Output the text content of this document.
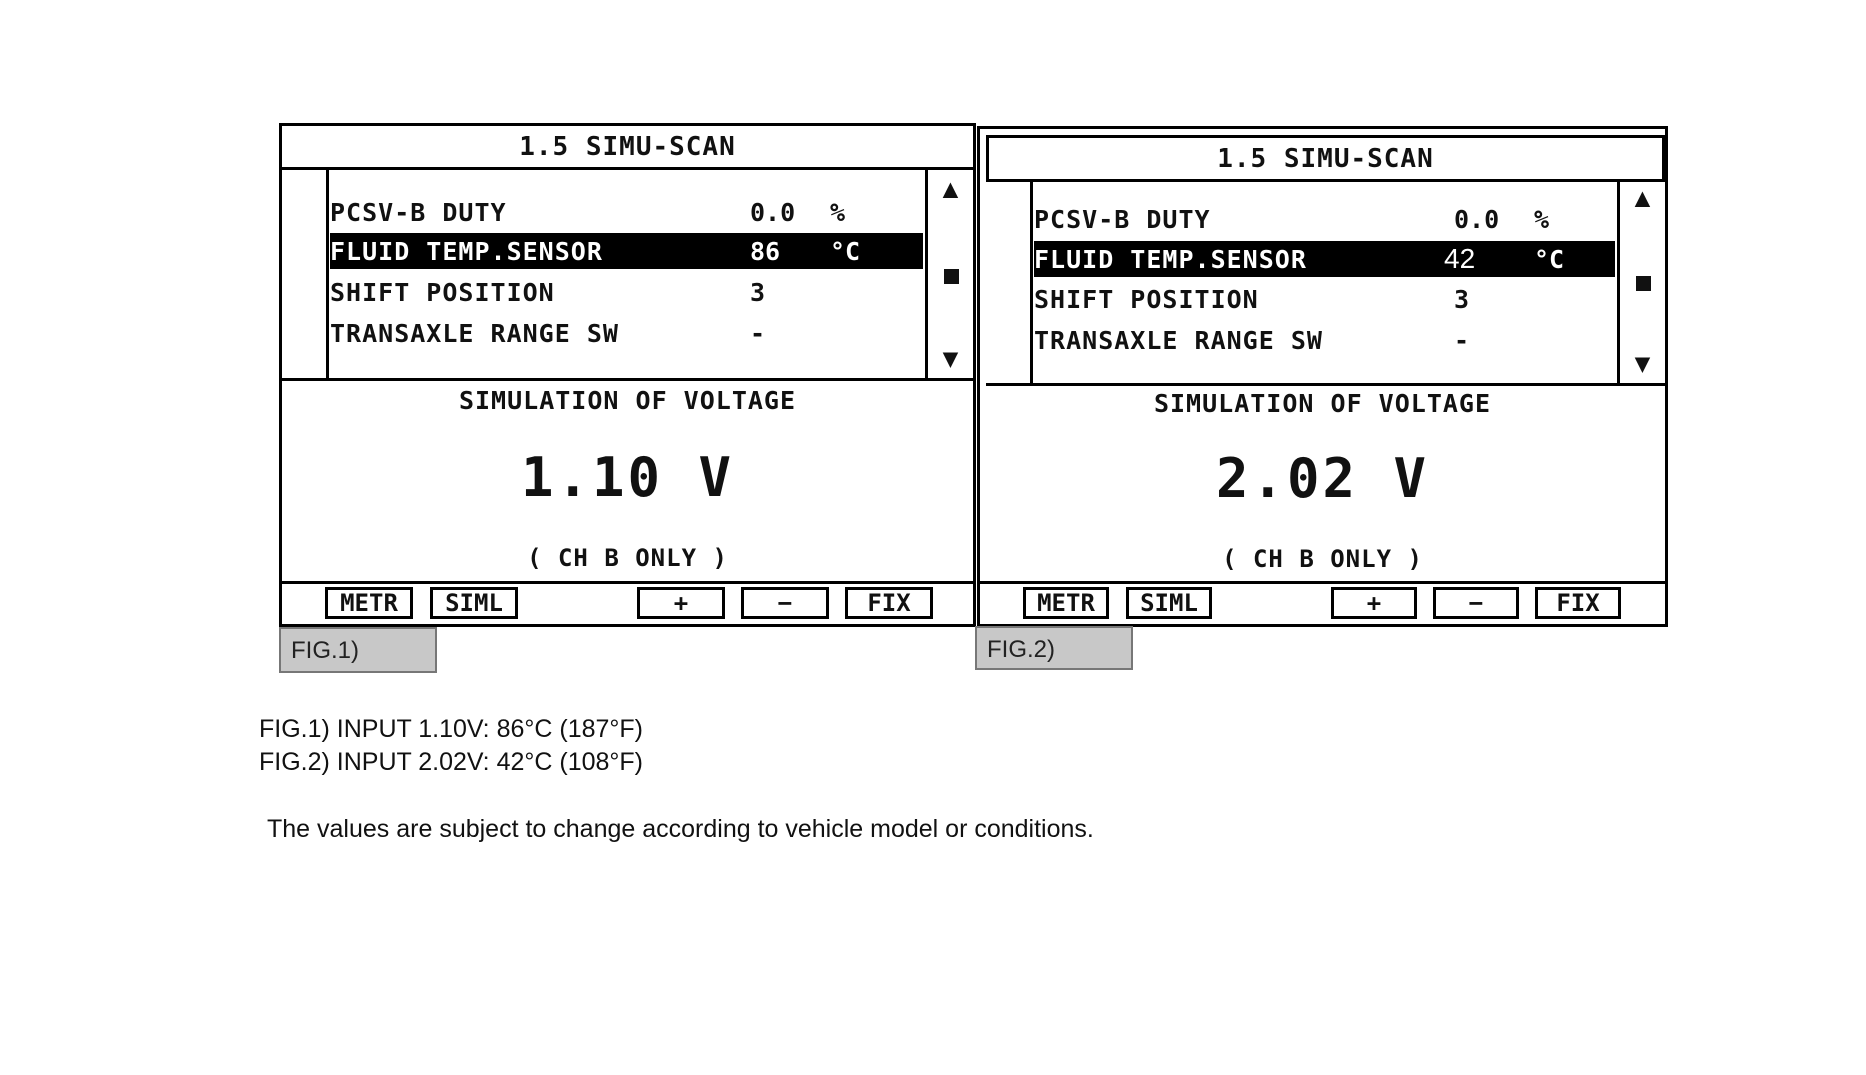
1.5 SIMU-SCAN
PCSV-B DUTY	0.0 %
FLUID TEMP.SENSOR	86 °C
SHIFT POSITION	3
TRANSAXLE RANGE SW	-
▲
▼
SIMULATION OF VOLTAGE
1.10 V
( CH B ONLY )
METR	SIML	+	−	FIX
FIG.1)
1.5 SIMU-SCAN
PCSV-B DUTY	0.0 %
FLUID TEMP.SENSOR	42 °C
SHIFT POSITION	3
TRANSAXLE RANGE SW	-
▲
▼
SIMULATION OF VOLTAGE
2.02 V
( CH B ONLY )
METR	SIML	+	−	FIX
FIG.2)
FIG.1) INPUT 1.10V: 86°C (187°F)
FIG.2) INPUT 2.02V: 42°C (108°F)
The values are subject to change according to vehicle model or conditions.
